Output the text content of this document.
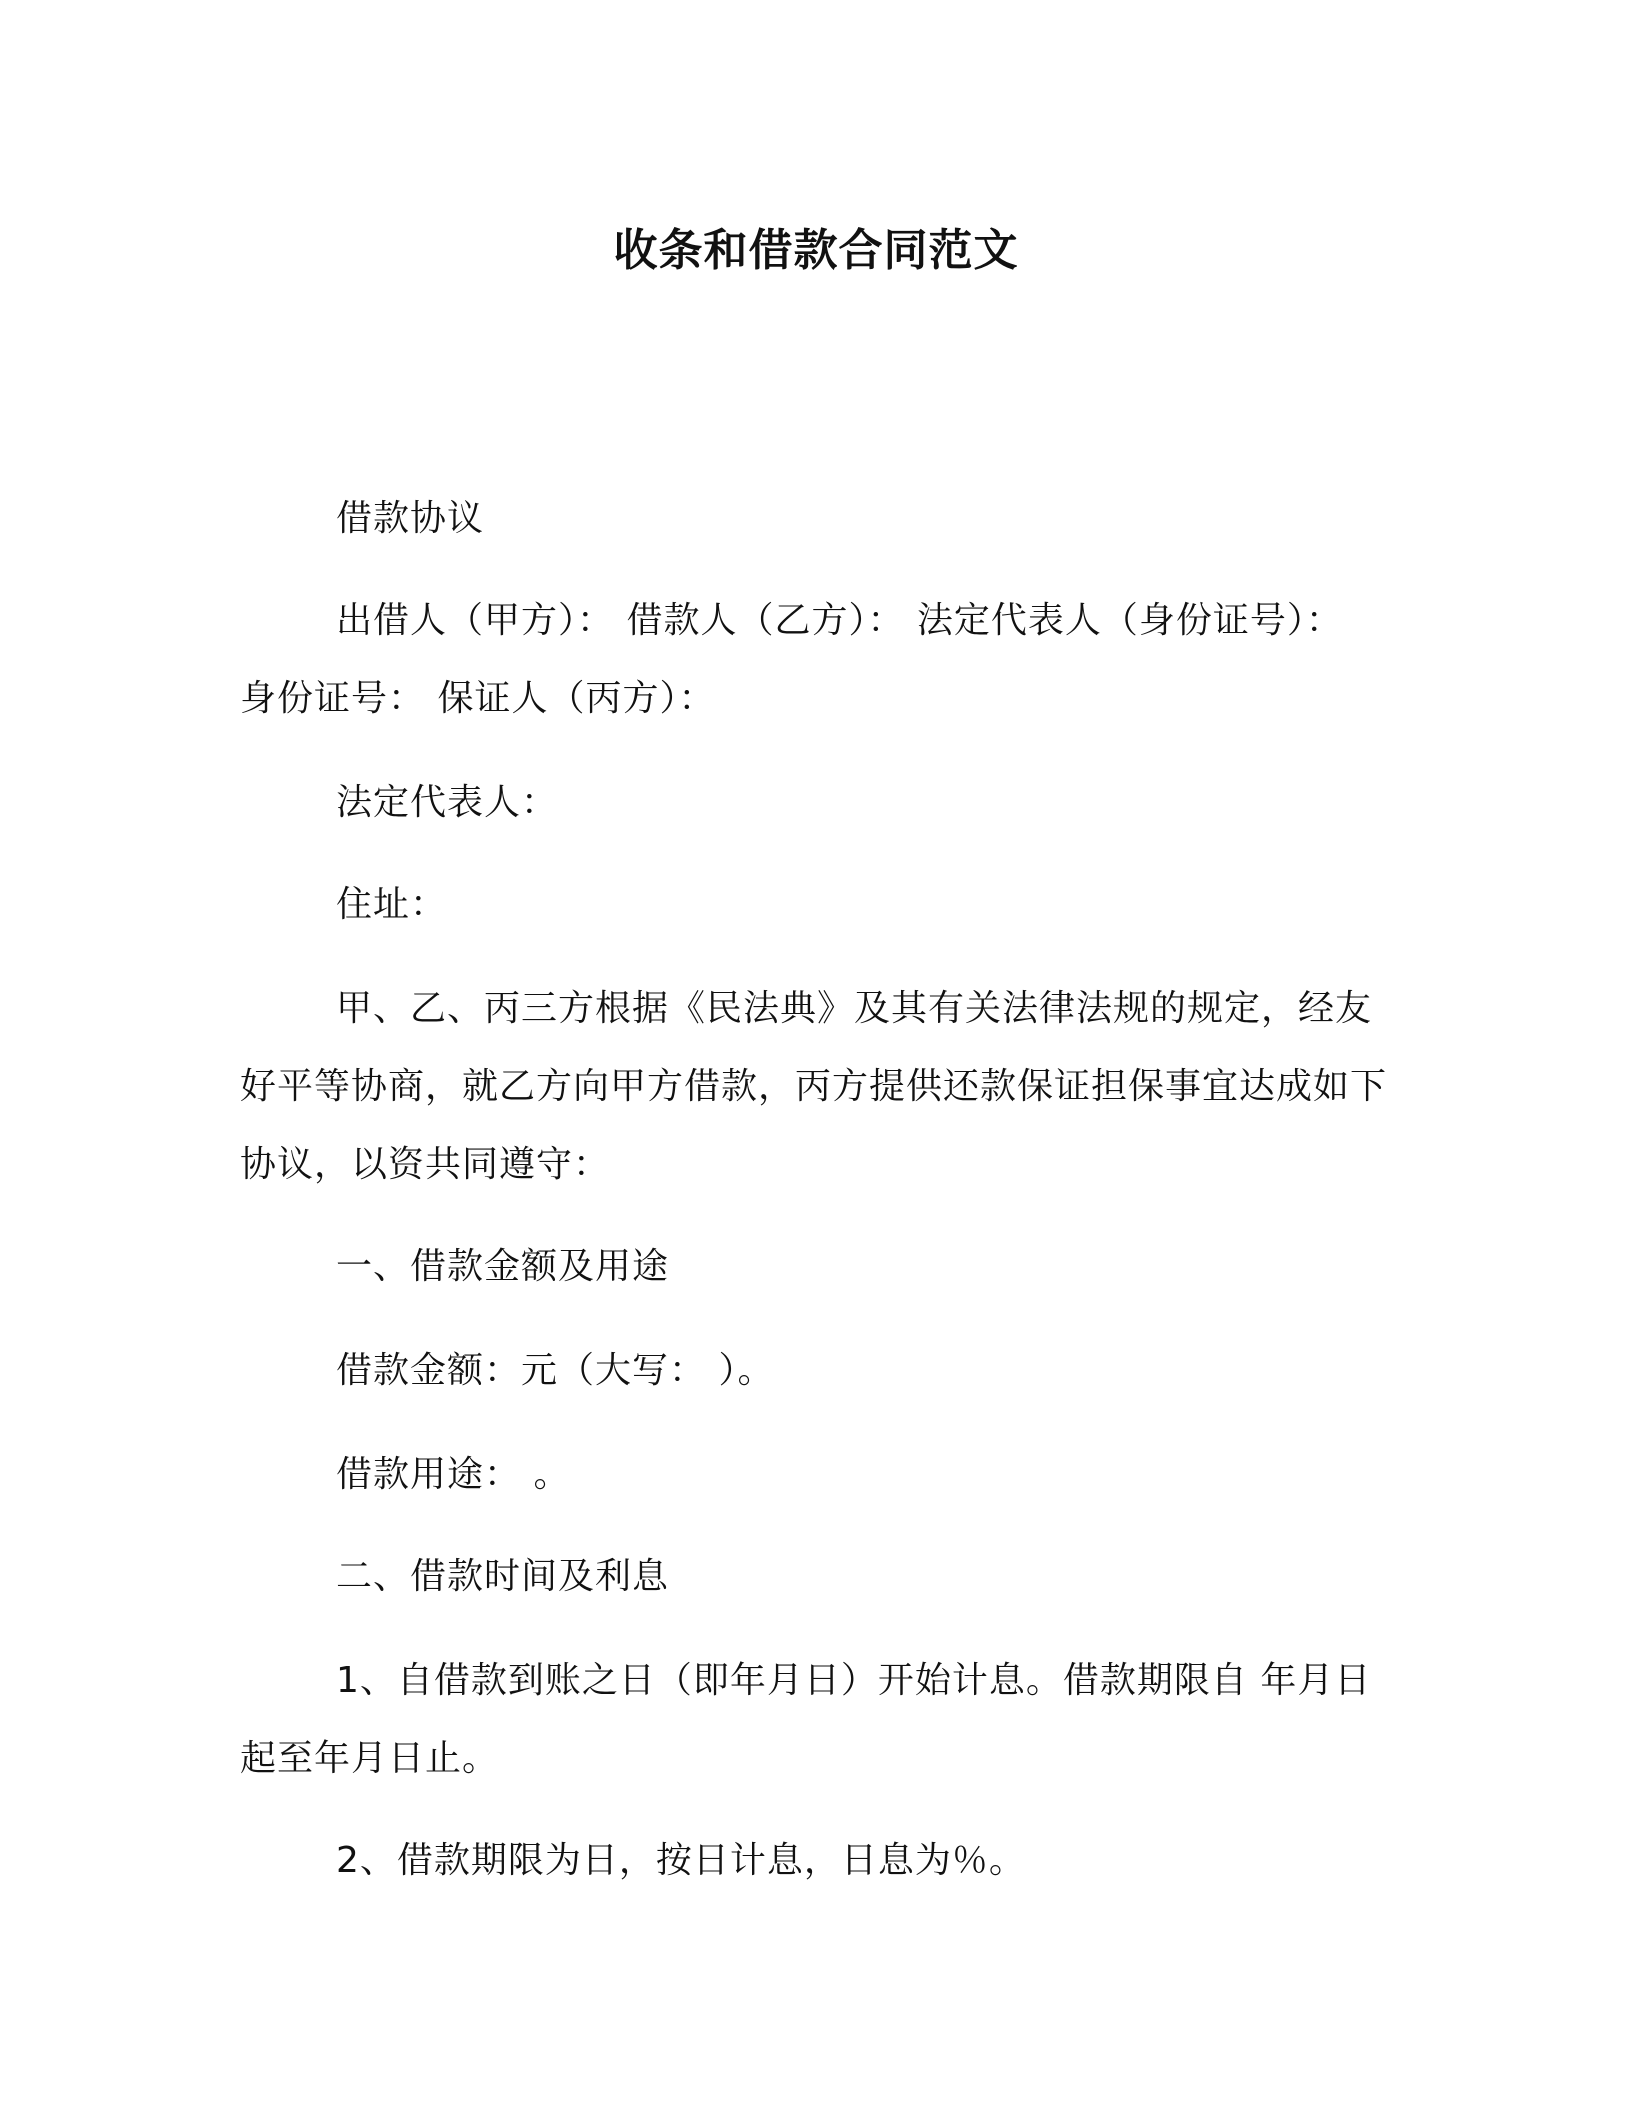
收条和借款合同范文

借款协议

出借人（甲方）： 借款人（乙方）： 法定代表人（身份证号）： 身份证号： 保证人（丙方）：

法定代表人：

住址：

甲、乙、丙三方根据《民法典》及其有关法律法规的规定，经友好平等协商，就乙方向甲方借款，丙方提供还款保证担保事宜达成如下协议，以资共同遵守：

一、借款金额及用途

借款金额：元（大写： ）。

借款用途： 。

二、借款时间及利息

1、自借款到账之日（即年月日）开始计息。借款期限自 年月日起至年月日止。

2、借款期限为日，按日计息，日息为％。
